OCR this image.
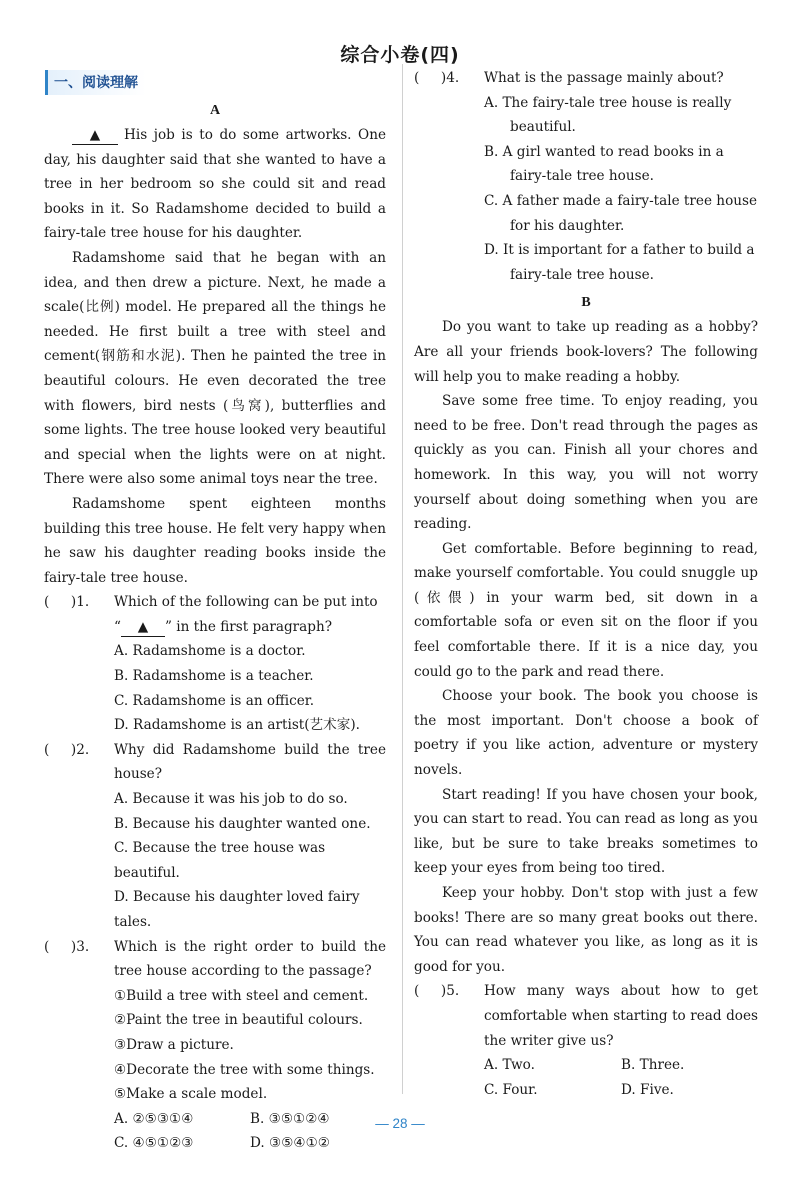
综合小卷(四)
一、阅读理解
A

▲ His job is to do some artworks. One day, his daughter said that she wanted to have a tree in her bedroom so she could sit and read books in it. So Radamshome decided to build a fairy-tale tree house for his daughter.

Radamshome said that he began with an idea, and then drew a picture. Next, he made a scale(比例) model. He prepared all the things he needed. He first built a tree with steel and cement(钢筋和水泥). Then he painted the tree in beautiful colours. He even decorated the tree with flowers, bird nests (鸟窝), butterflies and some lights. The tree house looked very beautiful and special when the lights were on at night. There were also some animal toys near the tree.

Radamshome spent eighteen months building this tree house. He felt very happy when he saw his daughter reading books inside the fairy-tale tree house.

(     )1.	Which of the following can be put into
“ ▲ ” in the first paragraph?
A. Radamshome is a doctor.
B. Radamshome is a teacher.
C. Radamshome is an officer.
D. Radamshome is an artist(艺术家).
(     )2.	Why did Radamshome build the tree house?
A. Because it was his job to do so.
B. Because his daughter wanted one.
C. Because the tree house was beautiful.
D. Because his daughter loved fairy tales.
(     )3.	Which is the right order to build the tree house according to the passage?
①Build a tree with steel and cement.
②Paint the tree in beautiful colours.
③Draw a picture.
④Decorate the tree with some things.
⑤Make a scale model.
A. ②⑤③①④	B. ③⑤①②④
C. ④⑤①②③	D. ③⑤④①②
(     )4.	What is the passage mainly about?
A. The fairy-tale tree house is really beautiful.
B. A girl wanted to read books in a fairy-tale tree house.
C. A father made a fairy-tale tree house for his daughter.
D. It is important for a father to build a fairy-tale tree house.
B

Do you want to take up reading as a hobby? Are all your friends book-lovers? The following will help you to make reading a hobby.

Save some free time. To enjoy reading, you need to be free. Don't read through the pages as quickly as you can. Finish all your chores and homework. In this way, you will not worry yourself about doing something when you are reading.

Get comfortable. Before beginning to read, make yourself comfortable. You could snuggle up (依偎) in your warm bed, sit down in a comfortable sofa or even sit on the floor if you feel comfortable there. If it is a nice day, you could go to the park and read there.

Choose your book. The book you choose is the most important. Don't choose a book of poetry if you like action, adventure or mystery novels.

Start reading! If you have chosen your book, you can start to read. You can read as long as you like, but be sure to take breaks sometimes to keep your eyes from being too tired.

Keep your hobby. Don't stop with just a few books! There are so many great books out there. You can read whatever you like, as long as it is good for you.

(     )5.	How many ways about how to get comfortable when starting to read does the writer give us?
A. Two.	B. Three.
C. Four.	D. Five.
— 28 —
